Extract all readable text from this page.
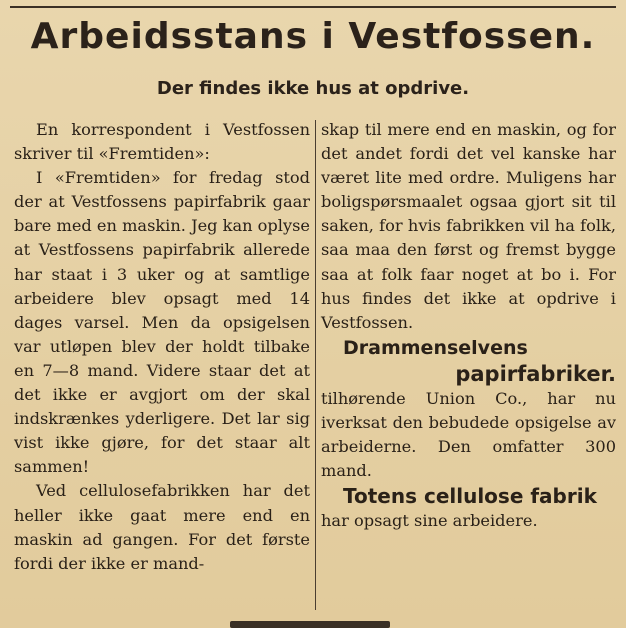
Arbeidsstans i Vestfossen.
Der findes ikke hus at opdrive.

En korrespondent i Vestfossen skriver til «Fremtiden»:

I «Fremtiden» for fredag stod der at Vestfossens papirfabrik gaar bare med en maskin. Jeg kan oplyse at Vestfossens papirfabrik allerede har staat i 3 uker og at samtlige arbeidere blev opsagt med 14 dages varsel. Men da opsigelsen var utløpen blev der holdt tilbake en 7—8 mand. Videre staar det at det ikke er avgjort om der skal indskrænkes yderligere. Det lar sig vist ikke gjøre, for det staar alt sammen!

Ved cellulosefabrikken har det heller ikke gaat mere end en maskin ad gangen. For det første fordi der ikke er mand-

skap til mere end en maskin, og for det andet fordi det vel kanske har været lite med ordre. Muligens har boligspørsmaalet ogsaa gjort sit til saken, for hvis fabrikken vil ha folk, saa maa den først og fremst bygge saa at folk faar noget at bo i. For hus findes det ikke at opdrive i Vestfossen.

Drammenselvens

papirfabriker.

tilhørende Union Co., har nu iverksat den bebudede opsigelse av arbeiderne. Den omfatter 300 mand.

Totens cellulose fabrik

har opsagt sine arbeidere.
